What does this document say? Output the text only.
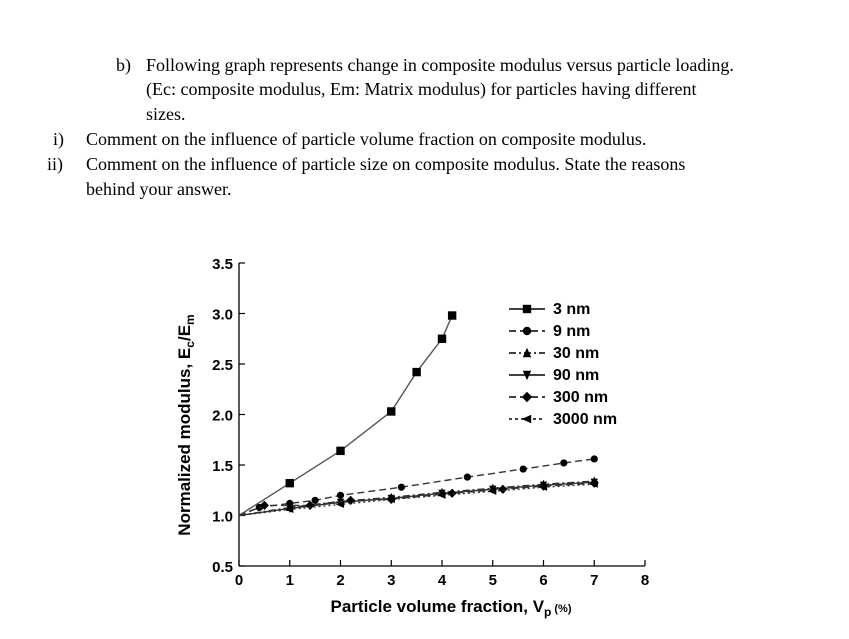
b) Following graph represents change in composite modulus versus particle loading.
(Ec: composite modulus, Em: Matrix modulus) for particles having different
sizes.
i) Comment on the influence of particle volume fraction on composite modulus.
ii) Comment on the influence of particle size on composite modulus. State the reasons
behind your answer.
0.5
1.0
1.5
2.0
2.5
3.0
3.5
0	1	2	3	4	5	6	7	8
3 nm
9 nm
30 nm
90 nm
300 nm
3000 nm
Particle volume fraction, $V_p$ (%)
Normalized modulus, $E_c/E_m$
